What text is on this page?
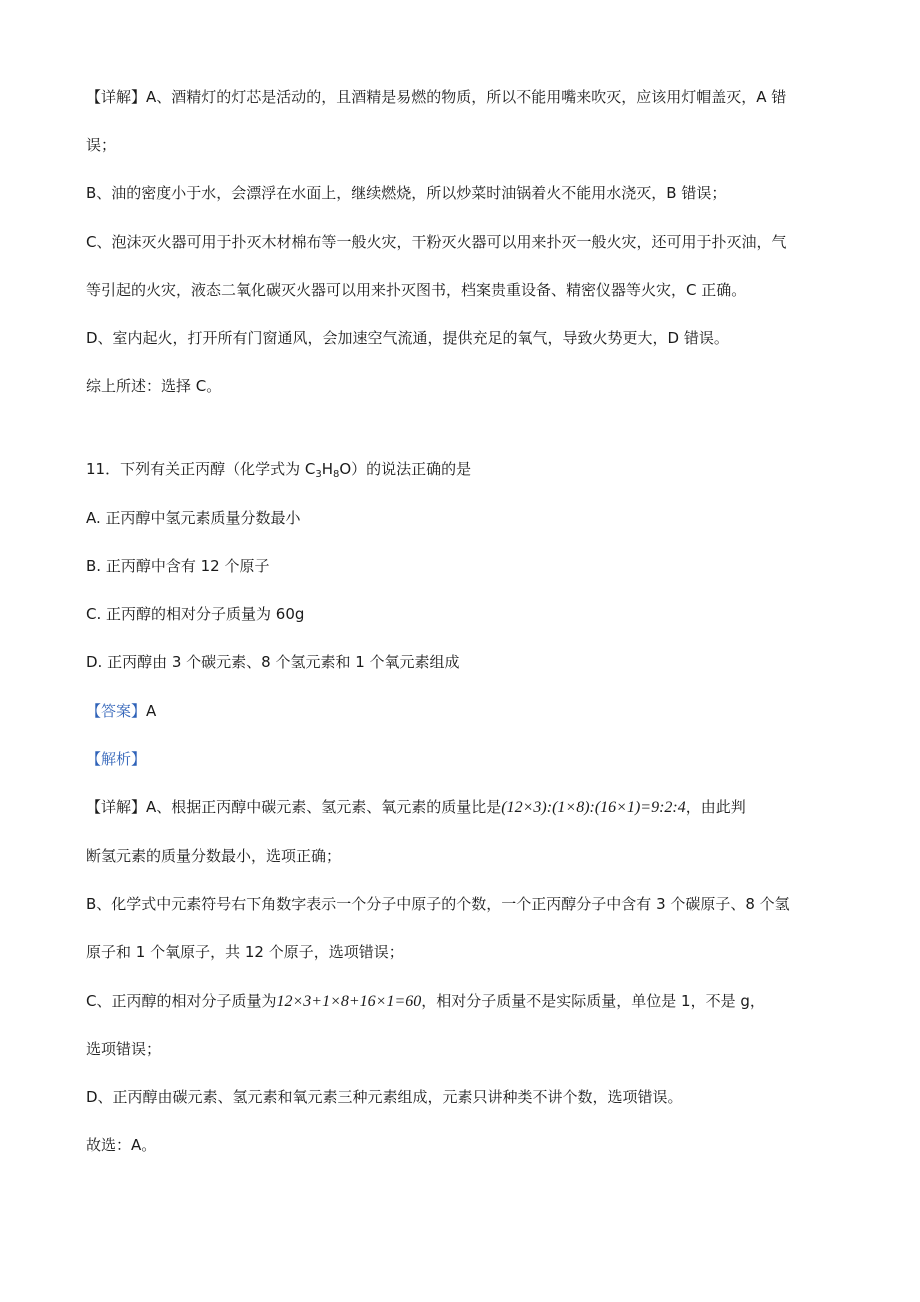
【详解】A、酒精灯的灯芯是活动的，且酒精是易燃的物质，所以不能用嘴来吹灭，应该用灯帽盖灭，A 错
误；
B、油的密度小于水，会漂浮在水面上，继续燃烧，所以炒菜时油锅着火不能用水浇灭，B 错误；
C、泡沫灭火器可用于扑灭木材棉布等一般火灾，干粉灭火器可以用来扑灭一般火灾，还可用于扑灭油，气
等引起的火灾，液态二氧化碳灭火器可以用来扑灭图书，档案贵重设备、精密仪器等火灾，C 正确。
D、室内起火，打开所有门窗通风，会加速空气流通，提供充足的氧气，导致火势更大，D 错误。
综上所述：选择 C。
11．下列有关正丙醇（化学式为 $C_3H_8O$）的说法正确的是
A. 正丙醇中氢元素质量分数最小
B. 正丙醇中含有 12 个原子
C. 正丙醇的相对分子质量为 60g
D. 正丙醇由 3 个碳元素、8 个氢元素和 1 个氧元素组成
【答案】A
【解析】
【详解】A、根据正丙醇中碳元素、氢元素、氧元素的质量比是(12×3):(1×8):(16×1)=9:2:4，由此判
断氢元素的质量分数最小，选项正确；
B、化学式中元素符号右下角数字表示一个分子中原子的个数，一个正丙醇分子中含有 3 个碳原子、8 个氢
原子和 1 个氧原子，共 12 个原子，选项错误；
C、正丙醇的相对分子质量为12×3+1×8+16×1=60，相对分子质量不是实际质量，单位是 1，不是 g，
选项错误；
D、正丙醇由碳元素、氢元素和氧元素三种元素组成，元素只讲种类不讲个数，选项错误。
故选：A。
